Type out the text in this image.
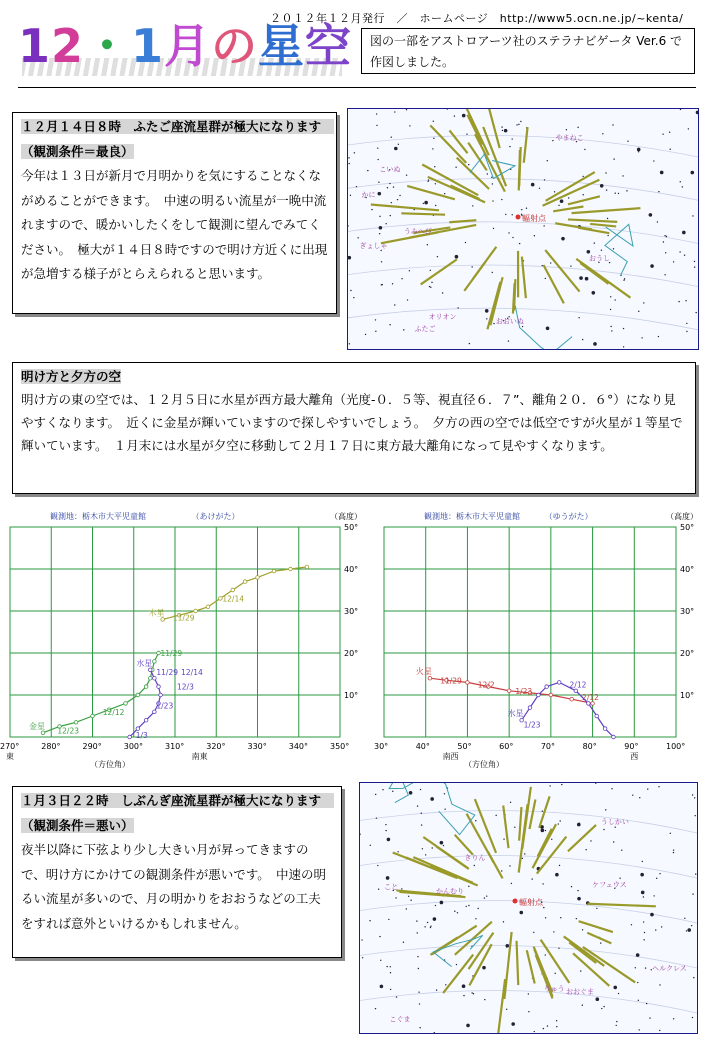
２０１２年１２月発行　／　ホームページ　http://www5.ocn.ne.jp/~kenta/
12・1月の星空	図の一部をアストロアーツ社のステラナビゲータ Ver.6 で作図しました。
１２月１４日８時　ふたご座流星群が極大になります　（観測条件＝最良）
今年は１３日が新月で月明かりを気にすることなくながめることができます。　中速の明るい流星が一晩中流れますので、暖かいしたくをして観測に望んでみてください。　極大が１４日８時ですので明け方近くに出現が急増する様子がとらえられると思います。
輻射点
おおいぬ
やまねこ
ぎょしゃ
おうし
ふたご
オリオン
こいぬ
うみへび
かに
明け方と夕方の空
明け方の東の空では、１２月５日に水星が西方最大離角（光度-０．５等、視直径６．７”、離角２０．６°）になり見やすくなります。　近くに金星が輝いていますので探しやすいでしょう。　夕方の西の空では低空ですが火星が１等星で輝いています。　１月末には水星が夕空に移動して２月１７日に東方最大離角になって見やすくなります。
270°	280°	290°	300°	310°	320°	330°	340°	350°
10°
20°
30°
40°
50°
観測地：栃木市大平児童館	（あけがた）	（高度）
（方位角）
東	南東
木星
11/29
12/14
金星
11/29
12/12
12/23
水星
11/29 12/14
12/3
1/23
1/3
30°	40°	50°	60°	70°	80°	90°	100°
10°
20°
30°
40°
50°
観測地：栃木市大平児童館	（ゆうがた）	（高度）
（方位角）
南西	西
火星
11/29 12/2
1/23
2/12
水星
1/23
2/12
１月３日２２時　しぶんぎ座流星群が極大になります　（観測条件＝悪い）
夜半以降に下弦より少し大きい月が昇ってきますので、明け方にかけての観測条件が悪いです。　中速の明るい流星が多いので、月の明かりをおおうなどの工夫をすれば意外といけるかもしれません。
輻射点
こと
ヘルクレス
うしかい
かんむり
りゅう おおぐま
こぐま
きりん
ケフェウス
